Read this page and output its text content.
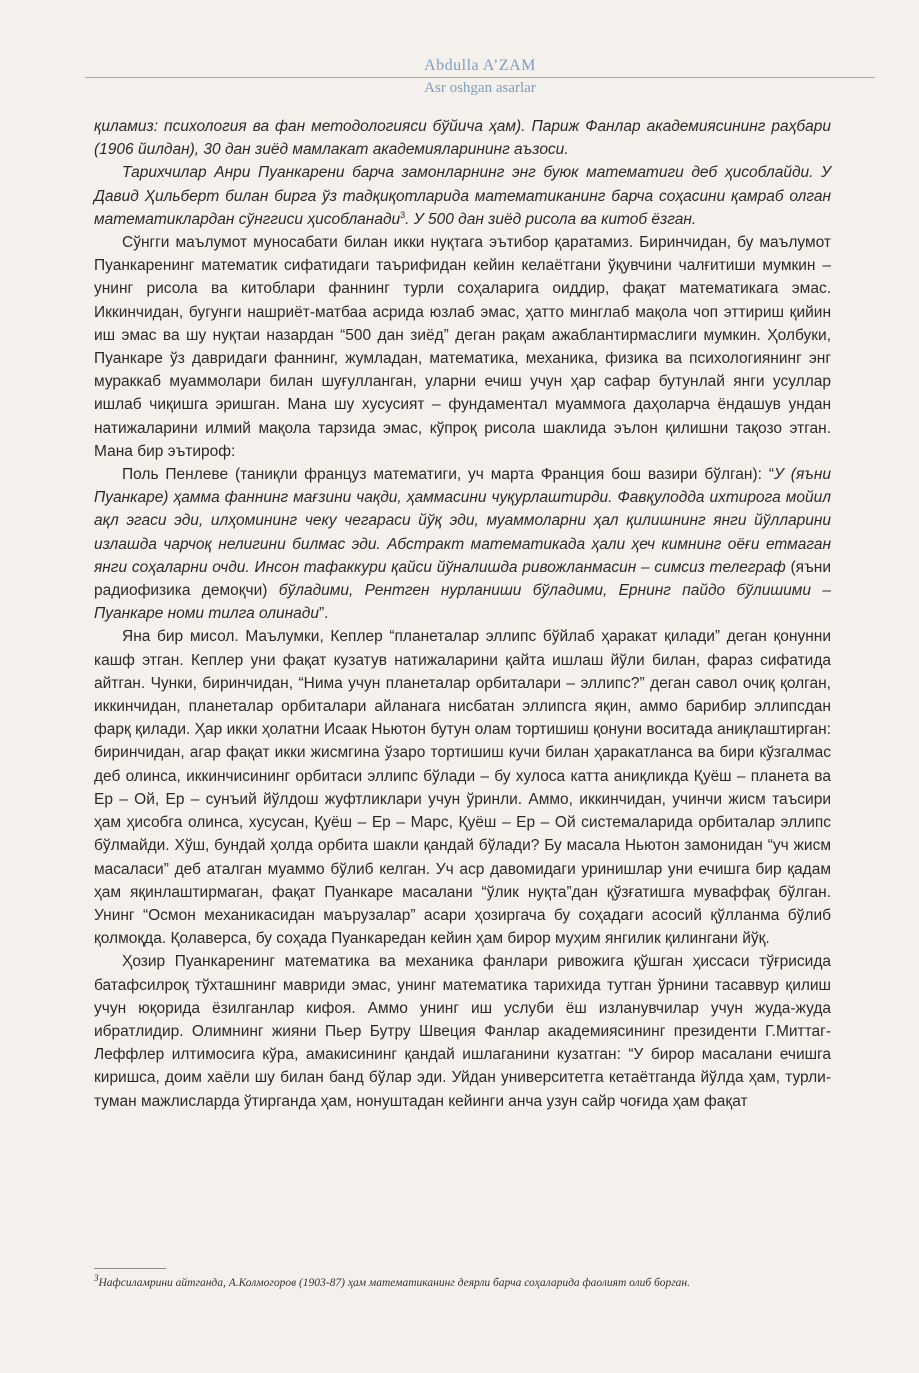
Abdulla A’ZAM
Asr oshgan asarlar

қиламиз: психология ва фан методологияси бўйича ҳам). Париж Фанлар академиясининг раҳбари (1906 йилдан), 30 дан зиёд мамлакат академияларининг аъзоси.

Тарихчилар Анри Пуанкарени барча замонларнинг энг буюк математиги деб ҳисоблайди. У Давид Ҳильберт билан бирга ўз тадқиқотларида математиканинг барча соҳасини қамраб олган математиклардан сўнггиси ҳисобланади$^3$. У 500 дан зиёд рисола ва китоб ёзган.

Сўнгги маълумот муносабати билан икки нуқтага эътибор қаратамиз. Биринчидан, бу маълумот Пуанкаренинг математик сифатидаги таърифидан кейин келаётгани ўқувчини чалғитиши мумкин – унинг рисола ва китоблари фаннинг турли соҳаларига оиддир, фақат математикага эмас. Иккинчидан, бугунги нашриёт-матбаа асрида юзлаб эмас, ҳатто минглаб мақола чоп эттириш қийин иш эмас ва шу нуқтаи назардан “500 дан зиёд” деган рақам ажаблантирмаслиги мумкин. Ҳолбуки, Пуанкаре ўз давридаги фаннинг, жумладан, математика, механика, физика ва психологиянинг энг мураккаб муаммолари билан шуғулланган, уларни ечиш учун ҳар сафар бутунлай янги усуллар ишлаб чиқишга эришган. Мана шу хусусият – фундаментал муаммога даҳоларча ёндашув ундан натижаларини илмий мақола тарзида эмас, кўпроқ рисола шаклида эълон қилишни тақозо этган. Мана бир эътироф:

Поль Пенлеве (таниқли француз математиги, уч марта Франция бош вазири бўлган): “У (яъни Пуанкаре) ҳамма фаннинг мағзини чақди, ҳаммасини чуқурлаштирди. Фавқулодда ихтирога мойил ақл эгаси эди, илҳомининг чеку чегараси йўқ эди, муаммоларни ҳал қилишнинг янги йўлларини излашда чарчоқ нелигини билмас эди. Абстракт математикада ҳали ҳеч кимнинг оёғи етмаган янги соҳаларни очди. Инсон тафаккури қайси йўналишда ривожланмасин – симсиз телеграф (яъни радиофизика демоқчи) бўладими, Рентген нурланиши бўладими, Ернинг пайдо бўлишими – Пуанкаре номи тилга олинади”.

Яна бир мисол. Маълумки, Кеплер “планеталар эллипс бўйлаб ҳаракат қилади” деган қонунни кашф этган. Кеплер уни фақат кузатув натижаларини қайта ишлаш йўли билан, фараз сифатида айтган. Чунки, биринчидан, “Нима учун планеталар орбиталари – эллипс?” деган савол очиқ қолган, иккинчидан, планеталар орбиталари айланага нисбатан эллипсга яқин, аммо барибир эллипсдан фарқ қилади. Ҳар икки ҳолатни Исаак Ньютон бутун олам тортишиш қонуни воситада аниқлаштирган: биринчидан, агар фақат икки жисмгина ўзаро тортишиш кучи билан ҳаракатланса ва бири кўзгалмас деб олинса, иккинчисининг орбитаси эллипс бўлади – бу хулоса катта аниқликда Қуёш – планета ва Ер – Ой, Ер – сунъий йўлдош жуфтликлари учун ўринли. Аммо, иккинчидан, учинчи жисм таъсири ҳам ҳисобга олинса, хусусан, Қуёш – Ер – Марс, Қуёш – Ер – Ой системаларида орбиталар эллипс бўлмайди. Хўш, бундай ҳолда орбита шакли қандай бўлади? Бу масала Ньютон замонидан “уч жисм масаласи” деб аталган муаммо бўлиб келган. Уч аср давомидаги уринишлар уни ечишга бир қадам ҳам яқинлаштирмаган, фақат Пуанкаре масалани “ўлик нуқта”дан қўзғатишга муваффақ бўлган. Унинг “Осмон механикасидан маърузалар” асари ҳозиргача бу соҳадаги асосий қўлланма бўлиб қолмоқда. Қолаверса, бу соҳада Пуанкаредан кейин ҳам бирор муҳим янгилик қилингани йўқ.

Ҳозир Пуанкаренинг математика ва механика фанлари ривожига қўшган ҳиссаси тўғрисида батафсилроқ тўхташнинг мавриди эмас, унинг математика тарихида тутган ўрнини тасаввур қилиш учун юқорида ёзилганлар кифоя. Аммо унинг иш услуби ёш изланувчилар учун жуда-жуда ибратлидир. Олимнинг жияни Пьер Бутру Швеция Фанлар академиясининг президенти Г.Миттаг-Леффлер илтимосига кўра, амакисининг қандай ишлаганини кузатган: “У бирор масалани ечишга киришса, доим хаёли шу билан банд бўлар эди. Уйдан университетга кетаётганда йўлда ҳам, турли-туман мажлисларда ўтирганда ҳам, нонуштадан кейинги анча узун сайр чоғида ҳам фақат

$^3$Нафсиламрини айтганда, А.Колмогоров (1903-87) ҳам математиканинг деярли барча соҳаларида фаолият олиб борган.
